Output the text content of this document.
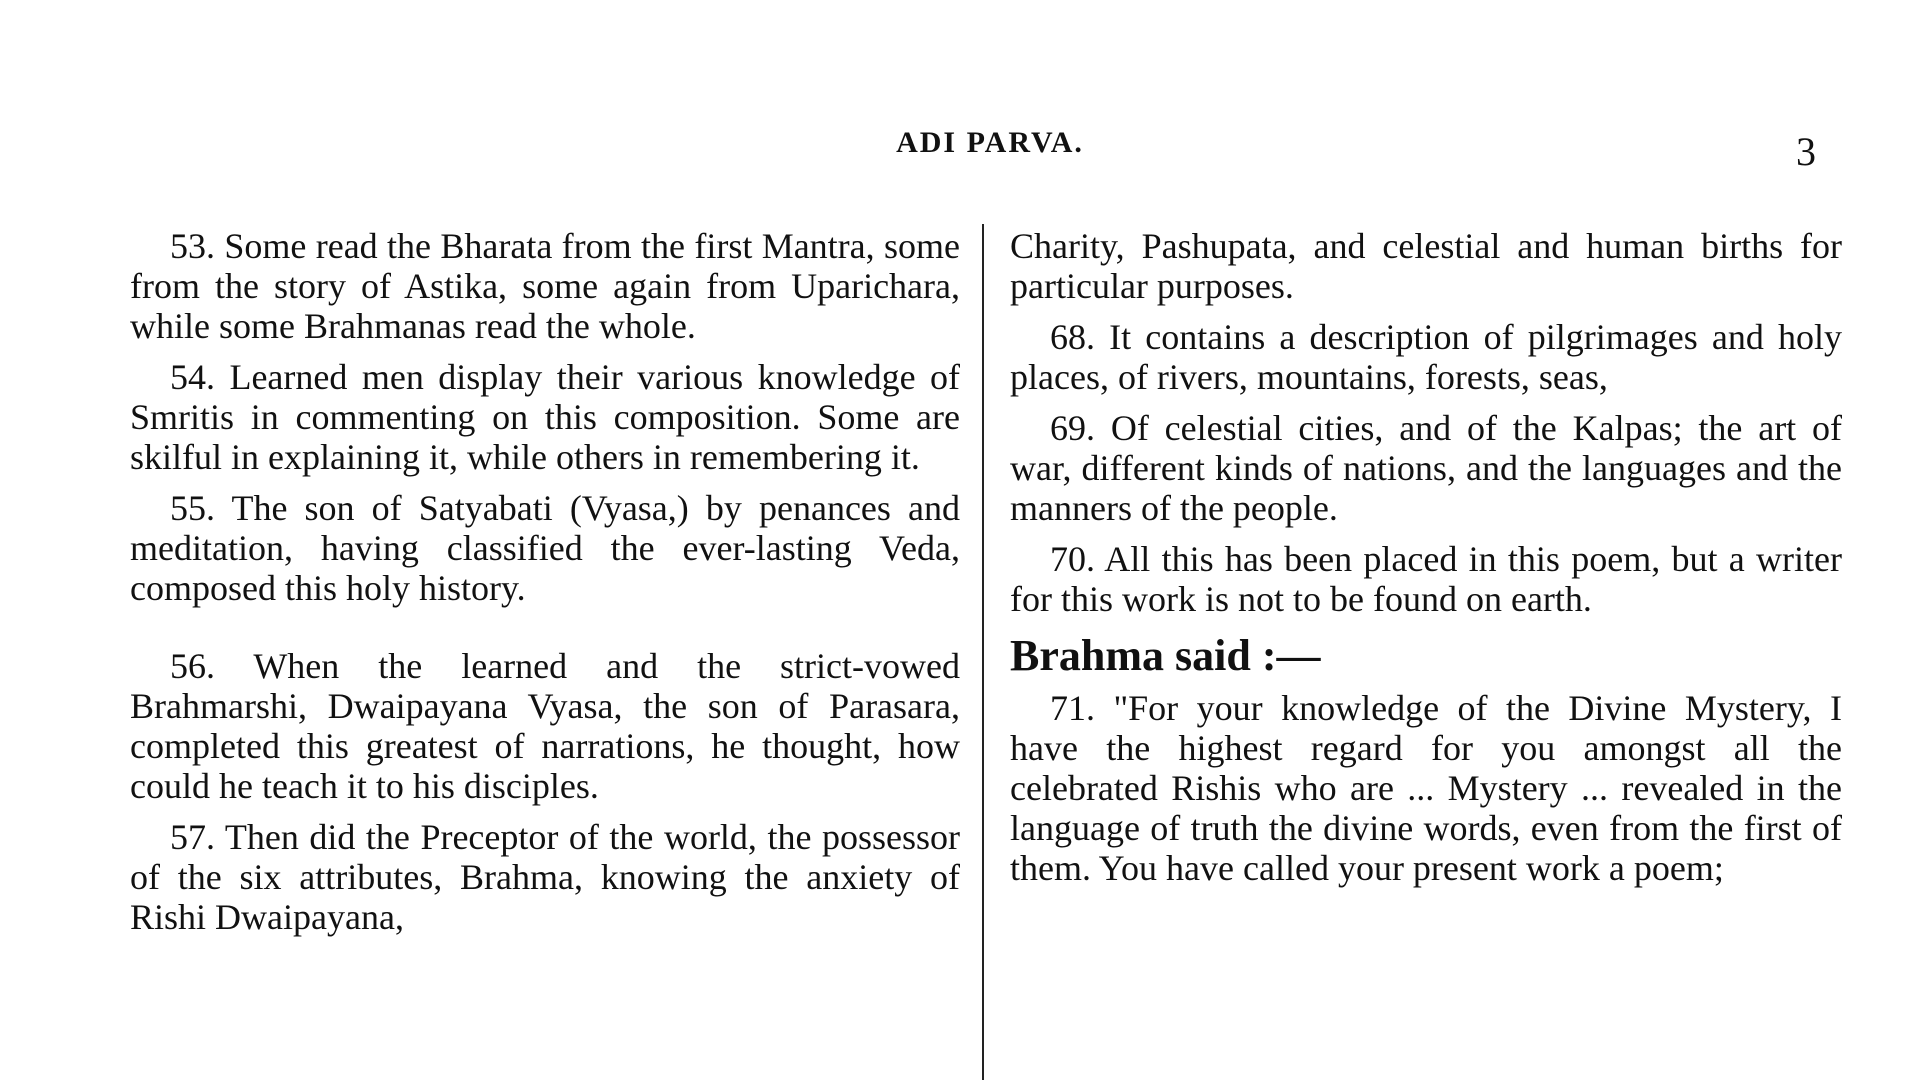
ADI PARVA.	3

53. Some read the Bharata from the first Mantra, some from the story of Astika, some again from Uparichara, while some Brahmanas read the whole.

54. Learned men display their various knowledge of Smritis in commenting on this composition. Some are skilful in explaining it, while others in remembering it.

55. The son of Satyabati (Vyasa,) by penances and meditation, having classified the ever-lasting Veda, composed this holy history.

56. When the learned and the strict-vowed Brahmarshi, Dwaipayana Vyasa, the son of Parasara, completed this greatest of narrations, he thought, how could he teach it to his disciples.

57. Then did the Preceptor of the world, the possessor of the six attributes, Brahma, knowing the anxiety of Rishi Dwaipayana,

Charity, Pashupata, and celestial and human births for particular purposes.

68. It contains a description of pilgrimages and holy places, of rivers, mountains, forests, seas,

69. Of celestial cities, and of the Kalpas; the art of war, different kinds of nations, and the languages and the manners of the people.

70. All this has been placed in this poem, but a writer for this work is not to be found on earth.

Brahma said :—

71. "For your knowledge of the Divine Mystery, I have the highest regard for you amongst all the celebrated Rishis who are ... Mystery ... revealed in the language of truth the divine words, even from the first of them. You have called your present work a poem;
